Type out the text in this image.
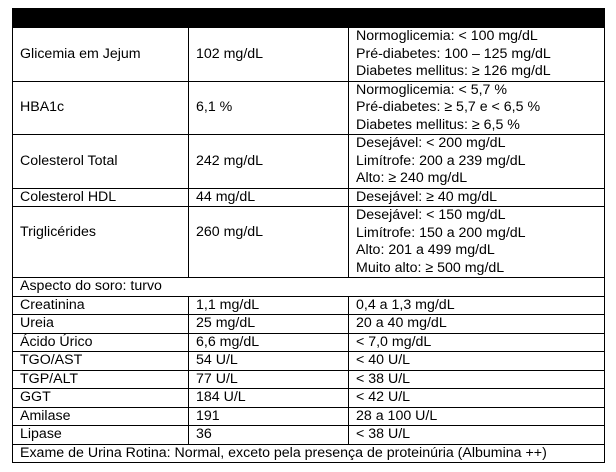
Glicemia em Jejum	102 mg/dL	Normoglicemia: < 100 mg/dL
Pré-diabetes: 100 – 125 mg/dL
Diabetes mellitus: ≥ 126 mg/dL

HBA1c	6,1 %	Normoglicemia: < 5,7 %
Pré-diabetes: ≥ 5,7 e < 6,5 %
Diabetes mellitus: ≥ 6,5 %

Colesterol Total	242 mg/dL	Desejável: < 200 mg/dL
Limítrofe: 200 a 239 mg/dL
Alto: ≥ 240 mg/dL

Colesterol HDL	44 mg/dL	Desejável: ≥ 40 mg/dL

Triglicérides	260 mg/dL	Desejável: < 150 mg/dL
Limítrofe: 150 a 200 mg/dL
Alto: 201 a 499 mg/dL
Muito alto: ≥ 500 mg/dL

Aspecto do soro: turvo		
Creatinina	1,1 mg/dL	0,4 a 1,3 mg/dL
Ureia	25 mg/dL	20 a 40 mg/dL
Ácido Úrico	6,6 mg/dL	< 7,0 mg/dL
TGO/AST	54 U/L	< 40 U/L
TGP/ALT	77 U/L	< 38 U/L
GGT	184 U/L	< 42 U/L
Amilase	191	28 a 100 U/L
Lipase	36	< 38 U/L
Exame de Urina Rotina: Normal, exceto pela presença de proteinúria (Albumina ++)		
